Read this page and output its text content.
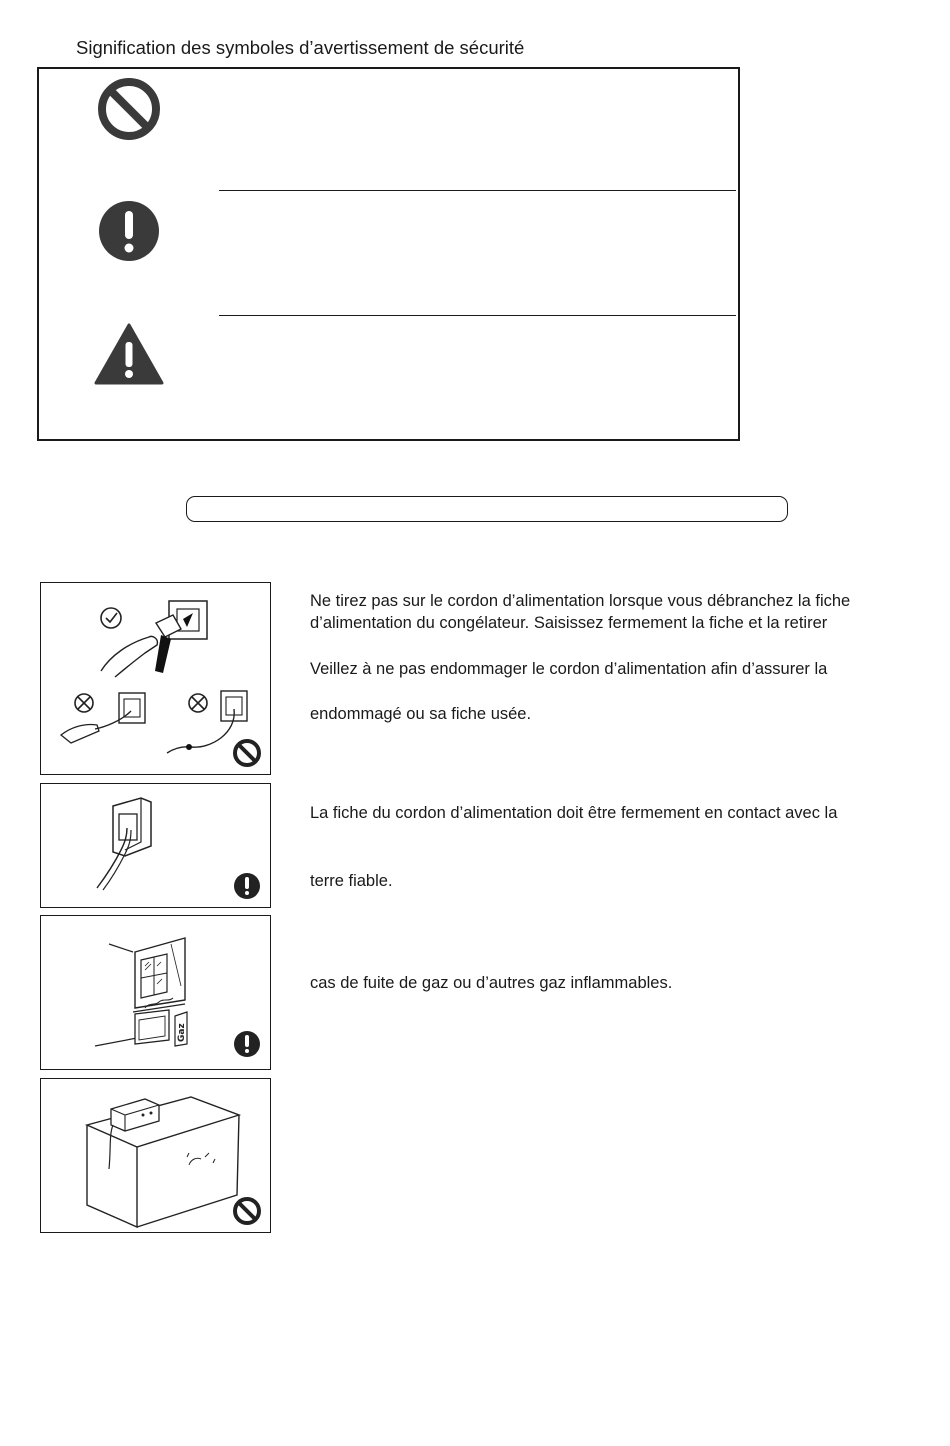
Signification des symboles d’avertissement de sécurité
Ne tirez pas sur le cordon d’alimentation lorsque vous débranchez la fiche
d’alimentation du congélateur. Saisissez fermement la fiche et la retirer
Veillez à ne pas endommager le cordon d’alimentation afin d’assurer la
endommagé ou sa fiche usée.
La fiche du cordon d’alimentation doit être fermement en contact avec la
terre fiable.
Gaz
cas de fuite de gaz ou d’autres gaz inflammables.
